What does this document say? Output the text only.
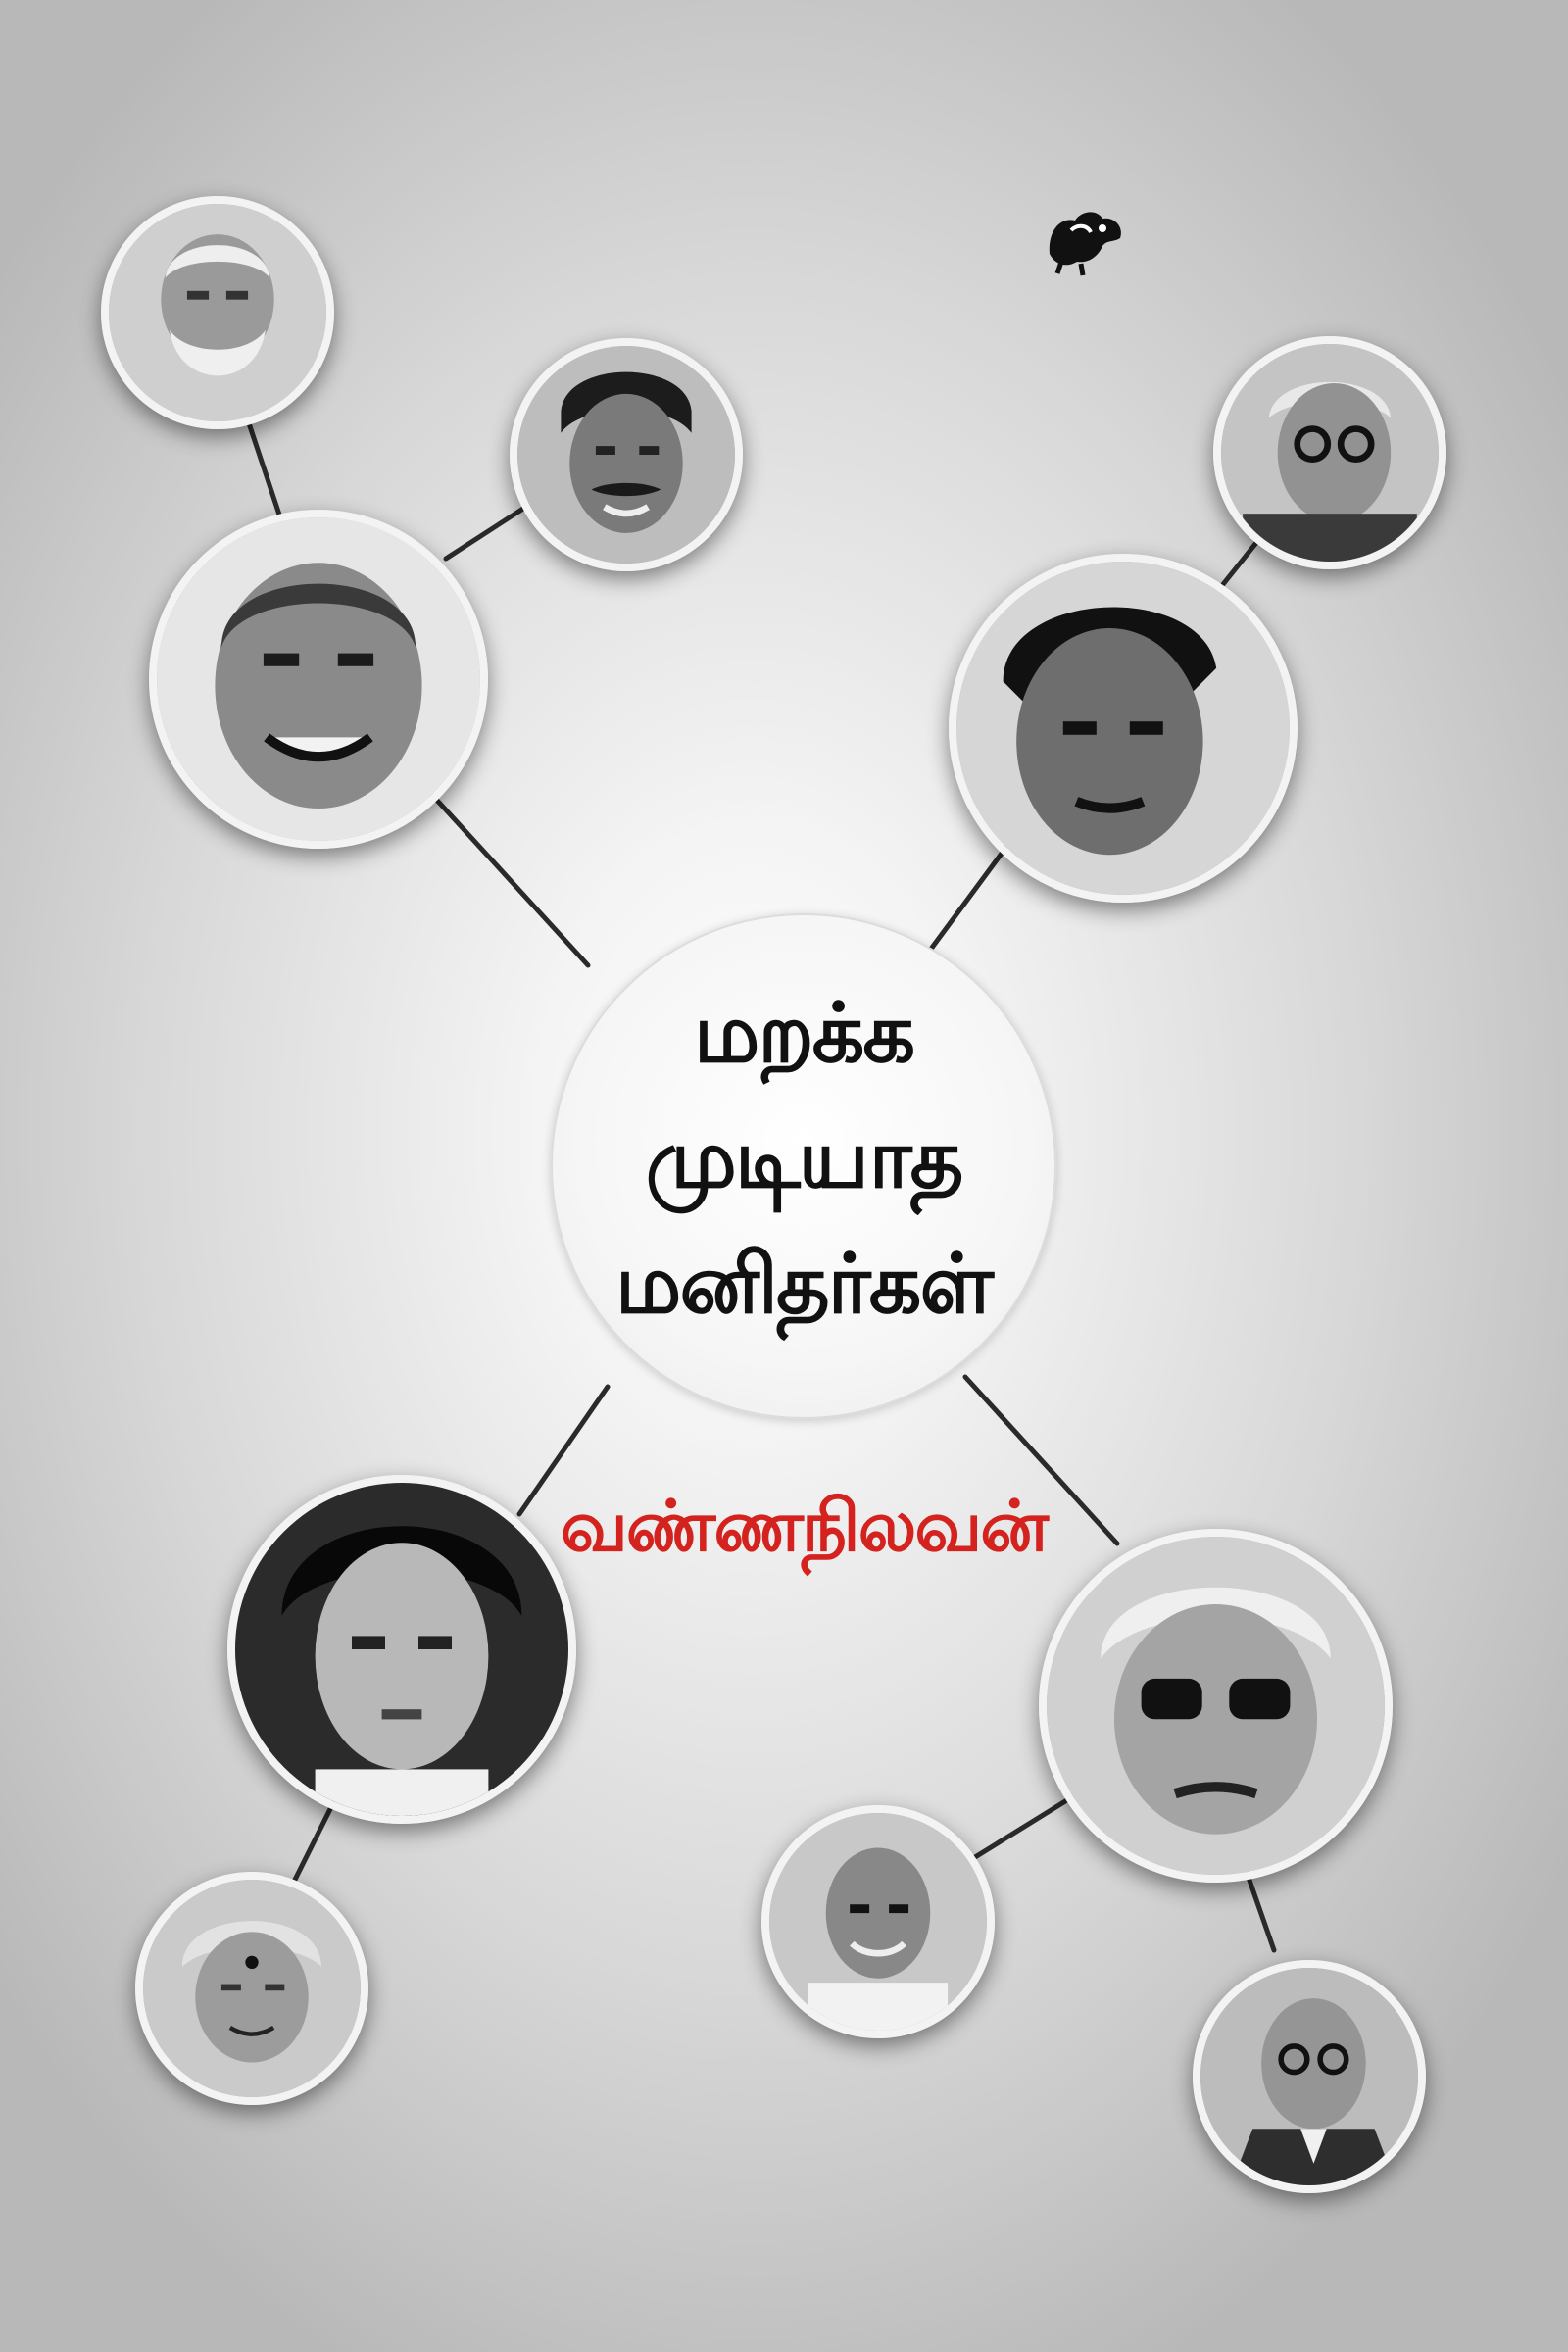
மறக்க
முடியாத
மனிதர்கள்
வண்ணநிலவன்
